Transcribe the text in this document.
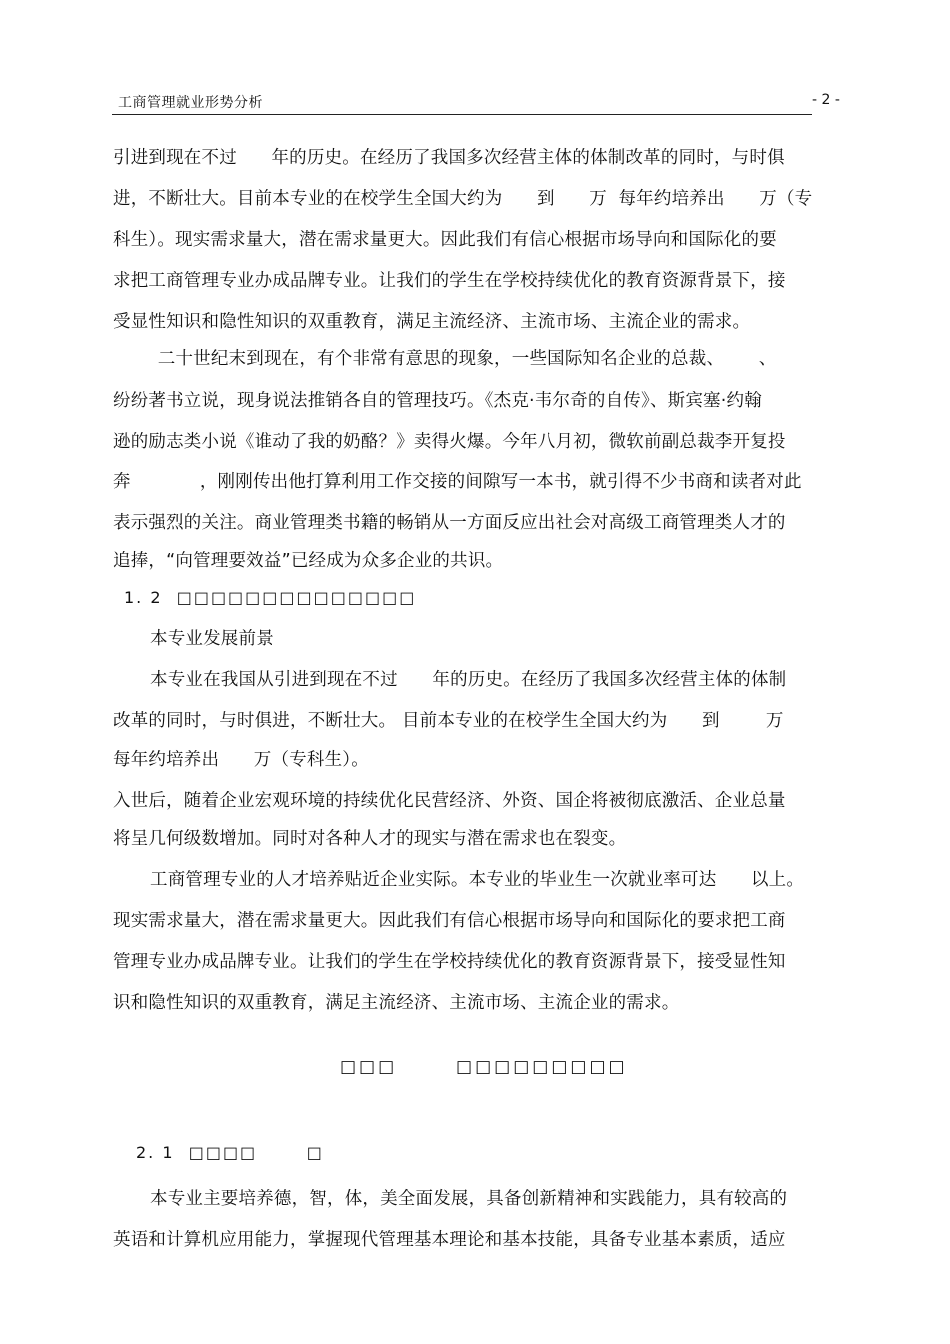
工商管理就业形势分析	- 2 -
引进到现在不过      年的历史。在经历了我国多次经营主体的体制改革的同时，与时俱
进，不断壮大。目前本专业的在校学生全国大约为      到      万  每年约培养出      万（专
科生）。现实需求量大，潜在需求量更大。因此我们有信心根据市场导向和国际化的要
求把工商管理专业办成品牌专业。让我们的学生在学校持续优化的教育资源背景下，接
受显性知识和隐性知识的双重教育，满足主流经济、主流市场、主流企业的需求。
二十世纪末到现在，有个非常有意思的现象，一些国际知名企业的总裁、      、
纷纷著书立说，现身说法推销各自的管理技巧。《杰克·韦尔奇的自传》、斯宾塞·约翰
逊的励志类小说《谁动了我的奶酪？》卖得火爆。今年八月初，微软前副总裁李开复投
奔            ，刚刚传出他打算利用工作交接的间隙写一本书，就引得不少书商和读者对此
表示强烈的关注。商业管理类书籍的畅销从一方面反应出社会对高级工商管理类人才的
追捧，“向管理要效益”已经成为众多企业的共识。
1. 2  □□□□□□□□□□□□□□
本专业发展前景
本专业在我国从引进到现在不过      年的历史。在经历了我国多次经营主体的体制
改革的同时，与时俱进，不断壮大。 目前本专业的在校学生全国大约为      到        万
每年约培养出      万（专科生）。
入世后，随着企业宏观环境的持续优化民营经济、外资、国企将被彻底激活、企业总量
将呈几何级数增加。同时对各种人才的现实与潜在需求也在裂变。
工商管理专业的人才培养贴近企业实际。本专业的毕业生一次就业率可达      以上。
现实需求量大，潜在需求量更大。因此我们有信心根据市场导向和国际化的要求把工商
管理专业办成品牌专业。让我们的学生在学校持续优化的教育资源背景下，接受显性知
识和隐性知识的双重教育，满足主流经济、主流市场、主流企业的需求。
□□□       □□□□□□□□□
2. 1  □□□□       □
本专业主要培养德，智，体，美全面发展，具备创新精神和实践能力，具有较高的
英语和计算机应用能力，掌握现代管理基本理论和基本技能，具备专业基本素质，适应
